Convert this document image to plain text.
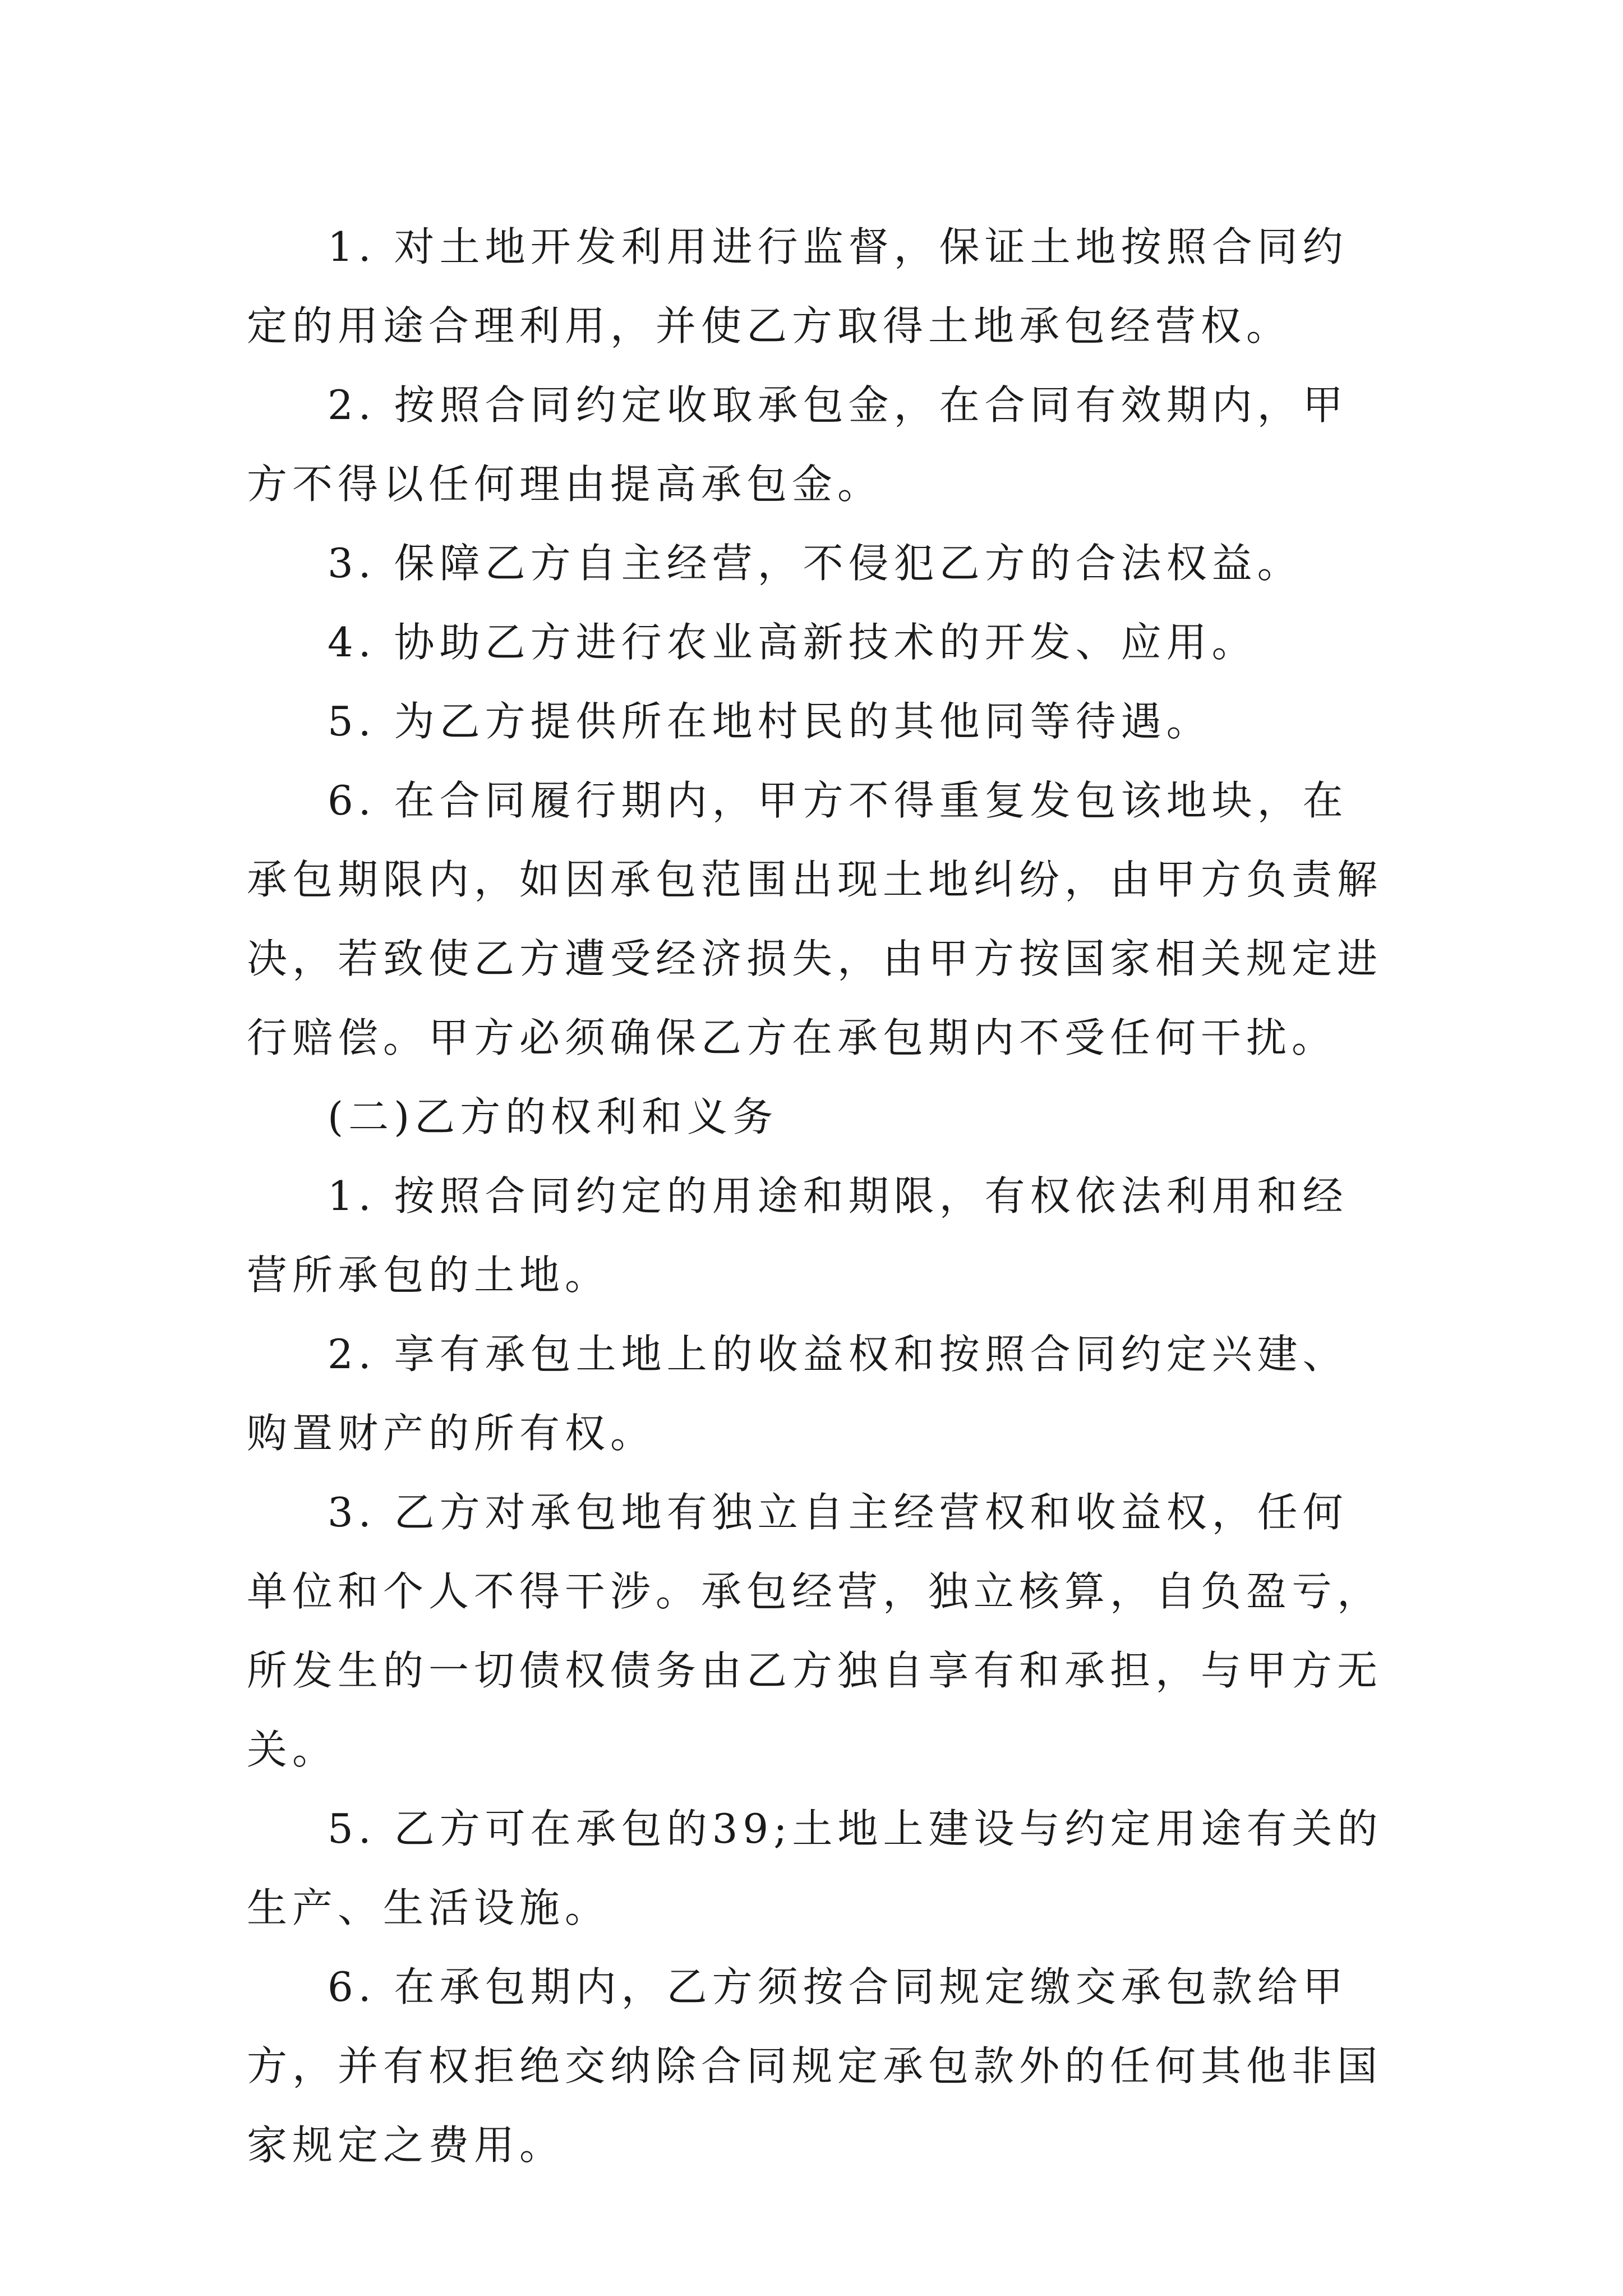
1. 对土地开发利用进行监督，保证土地按照合同约定的用途合理利用，并使乙方取得土地承包经营权。

2. 按照合同约定收取承包金，在合同有效期内，甲方不得以任何理由提高承包金。

3. 保障乙方自主经营，不侵犯乙方的合法权益。

4. 协助乙方进行农业高新技术的开发、应用。

5. 为乙方提供所在地村民的其他同等待遇。

6. 在合同履行期内，甲方不得重复发包该地块，在承包期限内，如因承包范围出现土地纠纷，由甲方负责解决，若致使乙方遭受经济损失，由甲方按国家相关规定进行赔偿。甲方必须确保乙方在承包期内不受任何干扰。

(二)乙方的权利和义务

1. 按照合同约定的用途和期限，有权依法利用和经营所承包的土地。

2. 享有承包土地上的收益权和按照合同约定兴建、购置财产的所有权。

3. 乙方对承包地有独立自主经营权和收益权，任何单位和个人不得干涉。承包经营，独立核算，自负盈亏，所发生的一切债权债务由乙方独自享有和承担，与甲方无关。

5. 乙方可在承包的39;土地上建设与约定用途有关的生产、生活设施。

6. 在承包期内，乙方须按合同规定缴交承包款给甲方，并有权拒绝交纳除合同规定承包款外的任何其他非国家规定之费用。
